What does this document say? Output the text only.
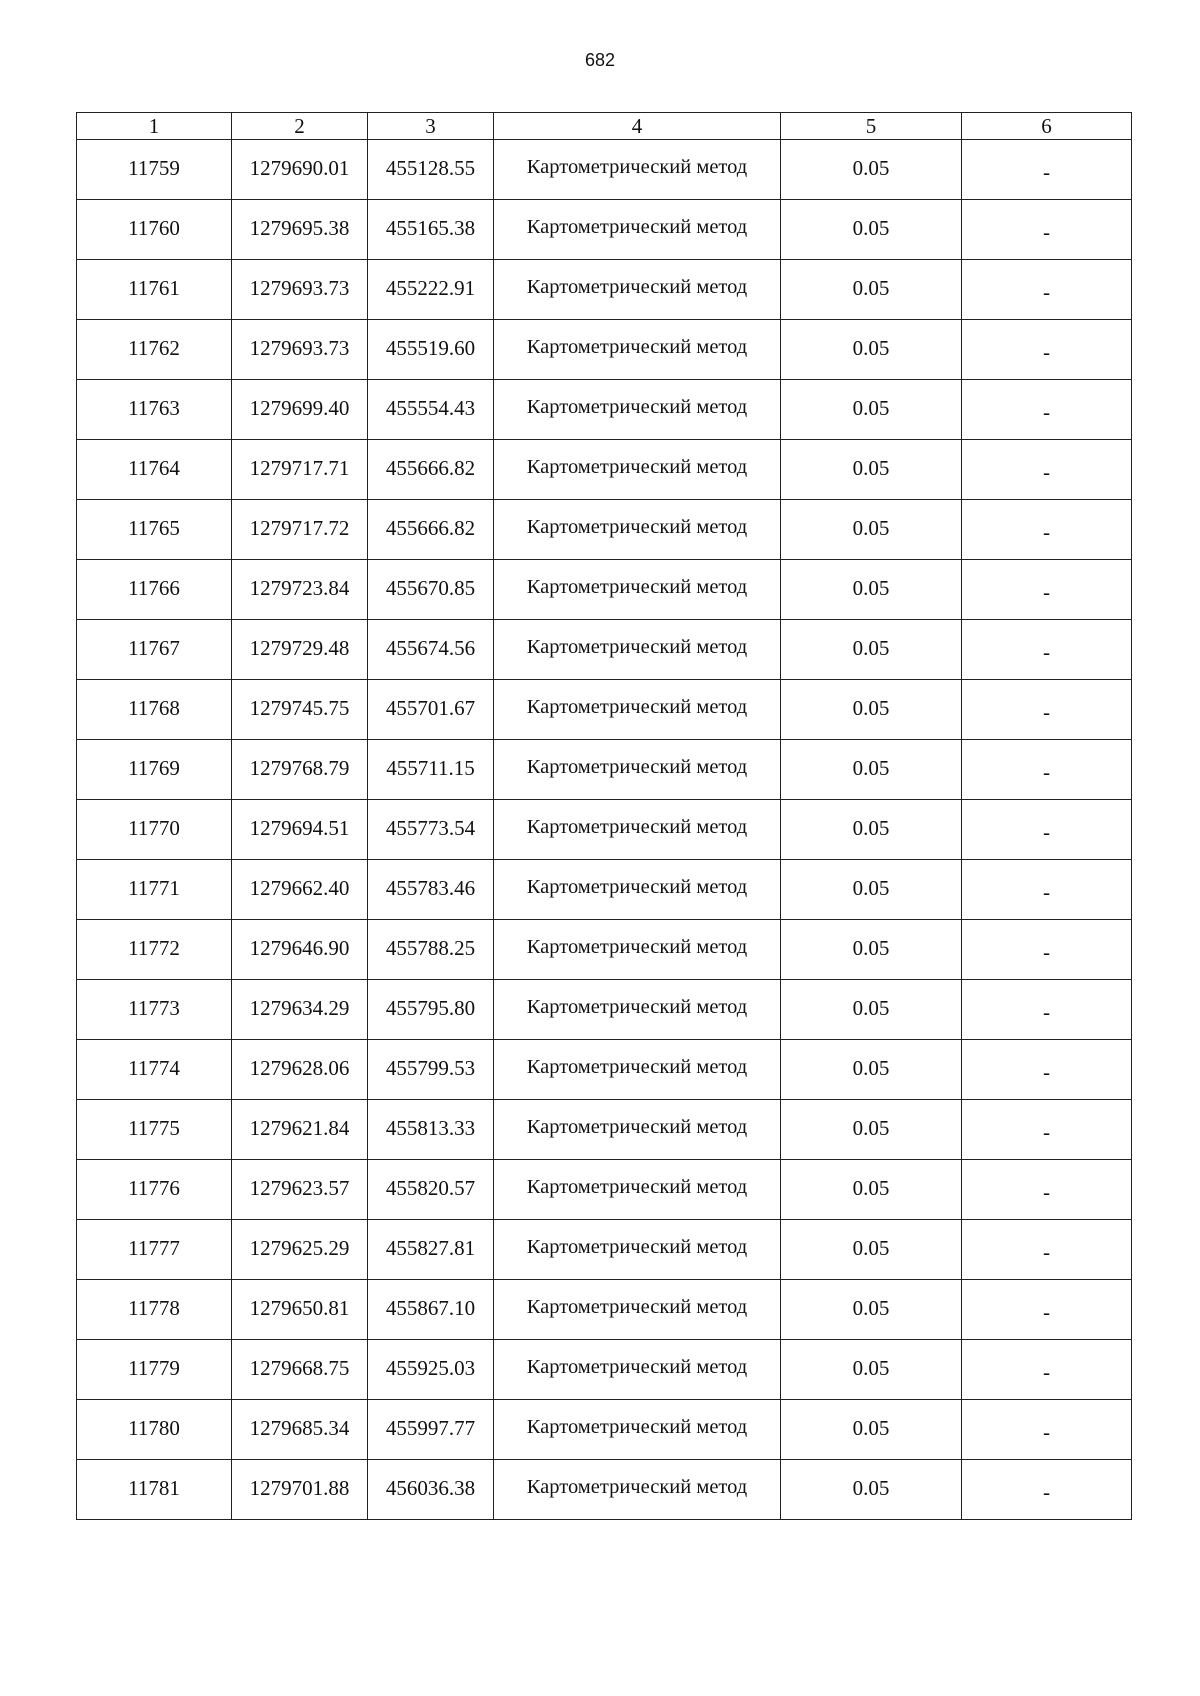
682
1	2	3	4	5	6
11759	1279690.01	455128.55	Картометрический метод	0.05	-
11760	1279695.38	455165.38	Картометрический метод	0.05	-
11761	1279693.73	455222.91	Картометрический метод	0.05	-
11762	1279693.73	455519.60	Картометрический метод	0.05	-
11763	1279699.40	455554.43	Картометрический метод	0.05	-
11764	1279717.71	455666.82	Картометрический метод	0.05	-
11765	1279717.72	455666.82	Картометрический метод	0.05	-
11766	1279723.84	455670.85	Картометрический метод	0.05	-
11767	1279729.48	455674.56	Картометрический метод	0.05	-
11768	1279745.75	455701.67	Картометрический метод	0.05	-
11769	1279768.79	455711.15	Картометрический метод	0.05	-
11770	1279694.51	455773.54	Картометрический метод	0.05	-
11771	1279662.40	455783.46	Картометрический метод	0.05	-
11772	1279646.90	455788.25	Картометрический метод	0.05	-
11773	1279634.29	455795.80	Картометрический метод	0.05	-
11774	1279628.06	455799.53	Картометрический метод	0.05	-
11775	1279621.84	455813.33	Картометрический метод	0.05	-
11776	1279623.57	455820.57	Картометрический метод	0.05	-
11777	1279625.29	455827.81	Картометрический метод	0.05	-
11778	1279650.81	455867.10	Картометрический метод	0.05	-
11779	1279668.75	455925.03	Картометрический метод	0.05	-
11780	1279685.34	455997.77	Картометрический метод	0.05	-
11781	1279701.88	456036.38	Картометрический метод	0.05	-
